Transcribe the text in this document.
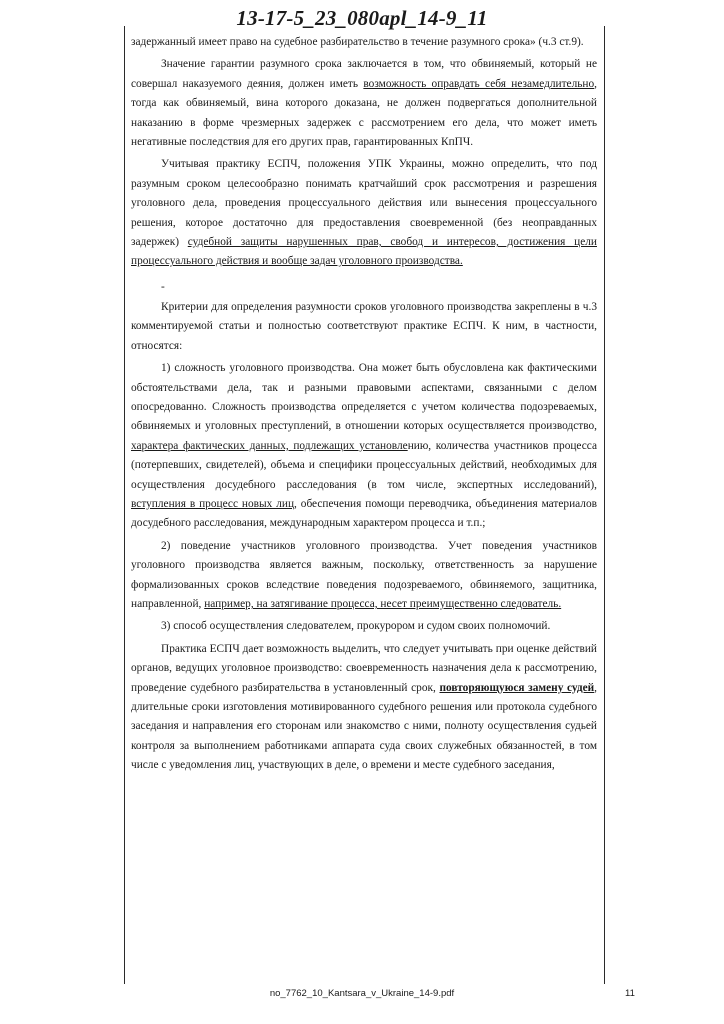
13-17-5_23_080apl_14-9_11

задержанный имеет право на судебное разбирательство в течение разумного срока» (ч.3 ст.9).

Значение гарантии разумного срока заключается в том, что обвиняемый, который не совершал наказуемого деяния, должен иметь возможность оправдать себя незамедлительно, тогда как обвиняемый, вина которого доказана, не должен подвергаться дополнительной наказанию в форме чрезмерных задержек с рассмотрением его дела, что может иметь негативные последствия для его других прав, гарантированных КпПЧ.

Учитывая практику ЕСПЧ, положения УПК Украины, можно определить, что под разумным сроком целесообразно понимать кратчайший срок рассмотрения и разрешения уголовного дела, проведения процессуального действия или вынесения процессуального решения, которое достаточно для предоставления своевременной (без неоправданных задержек) судебной защиты нарушенных прав, свобод и интересов, достижения цели процессуального действия и вообще задач уголовного производства.

-

Критерии для определения разумности сроков уголовного производства закреплены в ч.3 комментируемой статьи и полностью соответствуют практике ЕСПЧ. К ним, в частности, относятся:

1) сложность уголовного производства. Она может быть обусловлена как фактическими обстоятельствами дела, так и разными правовыми аспектами, связанными с делом опосредованно. Сложность производства определяется с учетом количества подозреваемых, обвиняемых и уголовных преступлений, в отношении которых осуществляется производство, характера фактических данных, подлежащих установлению, количества участников процесса (потерпевших, свидетелей), объема и специфики процессуальных действий, необходимых для осуществления досудебного расследования (в том числе, экспертных исследований), вступления в процесс новых лиц, обеспечения помощи переводчика, объединения материалов досудебного расследования, международным характером процесса и т.п.;

2) поведение участников уголовного производства. Учет поведения участников уголовного производства является важным, поскольку, ответственность за нарушение формализованных сроков вследствие поведения подозреваемого, обвиняемого, защитника, направленной, например, на затягивание процесса, несет преимущественно следователь.

3) способ осуществления следователем, прокурором и судом своих полномочий.

Практика ЕСПЧ дает возможность выделить, что следует учитывать при оценке действий органов, ведущих уголовное производство: своевременность назначения дела к рассмотрению, проведение судебного разбирательства в установленный срок, повторяющуюся замену судей, длительные сроки изготовления мотивированного судебного решения или протокола судебного заседания и направления его сторонам или знакомство с ними, полноту осуществления судьей контроля за выполнением работниками аппарата суда своих служебных обязанностей, в том числе с уведомления лиц, участвующих в деле, о времени и месте судебного заседания,

no_7762_10_Kantsara_v_Ukraine_14-9.pdf	11
